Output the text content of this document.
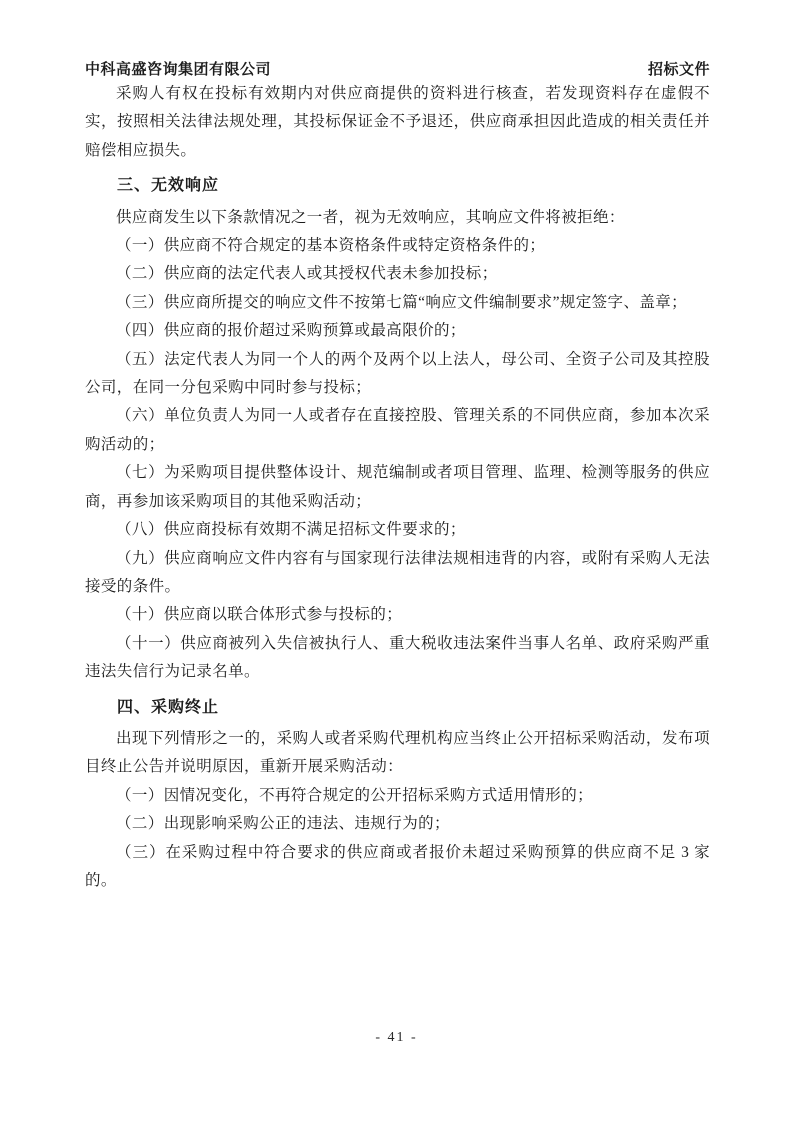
中科高盛咨询集团有限公司	招标文件

采购人有权在投标有效期内对供应商提供的资料进行核查，若发现资料存在虚假不实，按照相关法律法规处理，其投标保证金不予退还，供应商承担因此造成的相关责任并赔偿相应损失。

三、无效响应

供应商发生以下条款情况之一者，视为无效响应，其响应文件将被拒绝：

（一）供应商不符合规定的基本资格条件或特定资格条件的；

（二）供应商的法定代表人或其授权代表未参加投标；

（三）供应商所提交的响应文件不按第七篇“响应文件编制要求”规定签字、盖章；

（四）供应商的报价超过采购预算或最高限价的；

（五）法定代表人为同一个人的两个及两个以上法人，母公司、全资子公司及其控股公司，在同一分包采购中同时参与投标；

（六）单位负责人为同一人或者存在直接控股、管理关系的不同供应商，参加本次采购活动的；

（七）为采购项目提供整体设计、规范编制或者项目管理、监理、检测等服务的供应商，再参加该采购项目的其他采购活动；

（八）供应商投标有效期不满足招标文件要求的；

（九）供应商响应文件内容有与国家现行法律法规相违背的内容，或附有采购人无法接受的条件。

（十）供应商以联合体形式参与投标的；

（十一）供应商被列入失信被执行人、重大税收违法案件当事人名单、政府采购严重违法失信行为记录名单。

四、采购终止

出现下列情形之一的，采购人或者采购代理机构应当终止公开招标采购活动，发布项目终止公告并说明原因，重新开展采购活动：

（一）因情况变化，不再符合规定的公开招标采购方式适用情形的；

（二）出现影响采购公正的违法、违规行为的；

（三）在采购过程中符合要求的供应商或者报价未超过采购预算的供应商不足 3 家的。

- 41 -
